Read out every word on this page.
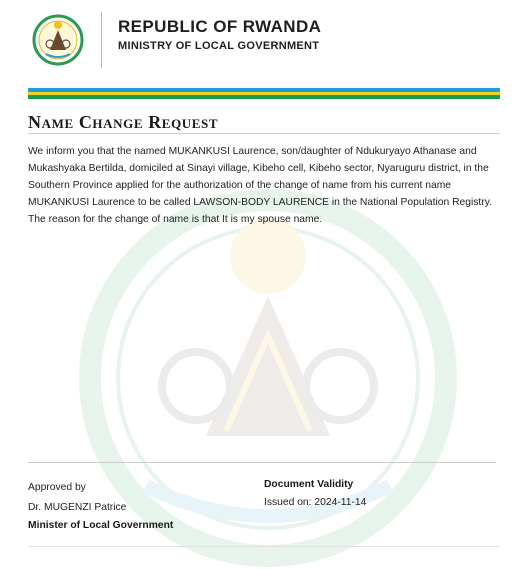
REPUBLIC OF RWANDA
MINISTRY OF LOCAL GOVERNMENT
Name Change Request
We inform you that the named MUKANKUSI Laurence, son/daughter of Ndukuryayo Athanase and Mukashyaka Bertilda, domiciled at Sinayi village, Kibeho cell, Kibeho sector, Nyaruguru district, in the Southern Province applied for the authorization of the change of name from his current name MUKANKUSI Laurence to be called LAWSON-BODY LAURENCE in the National Population Registry. The reason for the change of name is that It is my spouse name.
Approved by
Dr. MUGENZI Patrice
Minister of Local Government
Document Validity
Issued on: 2024-11-14
